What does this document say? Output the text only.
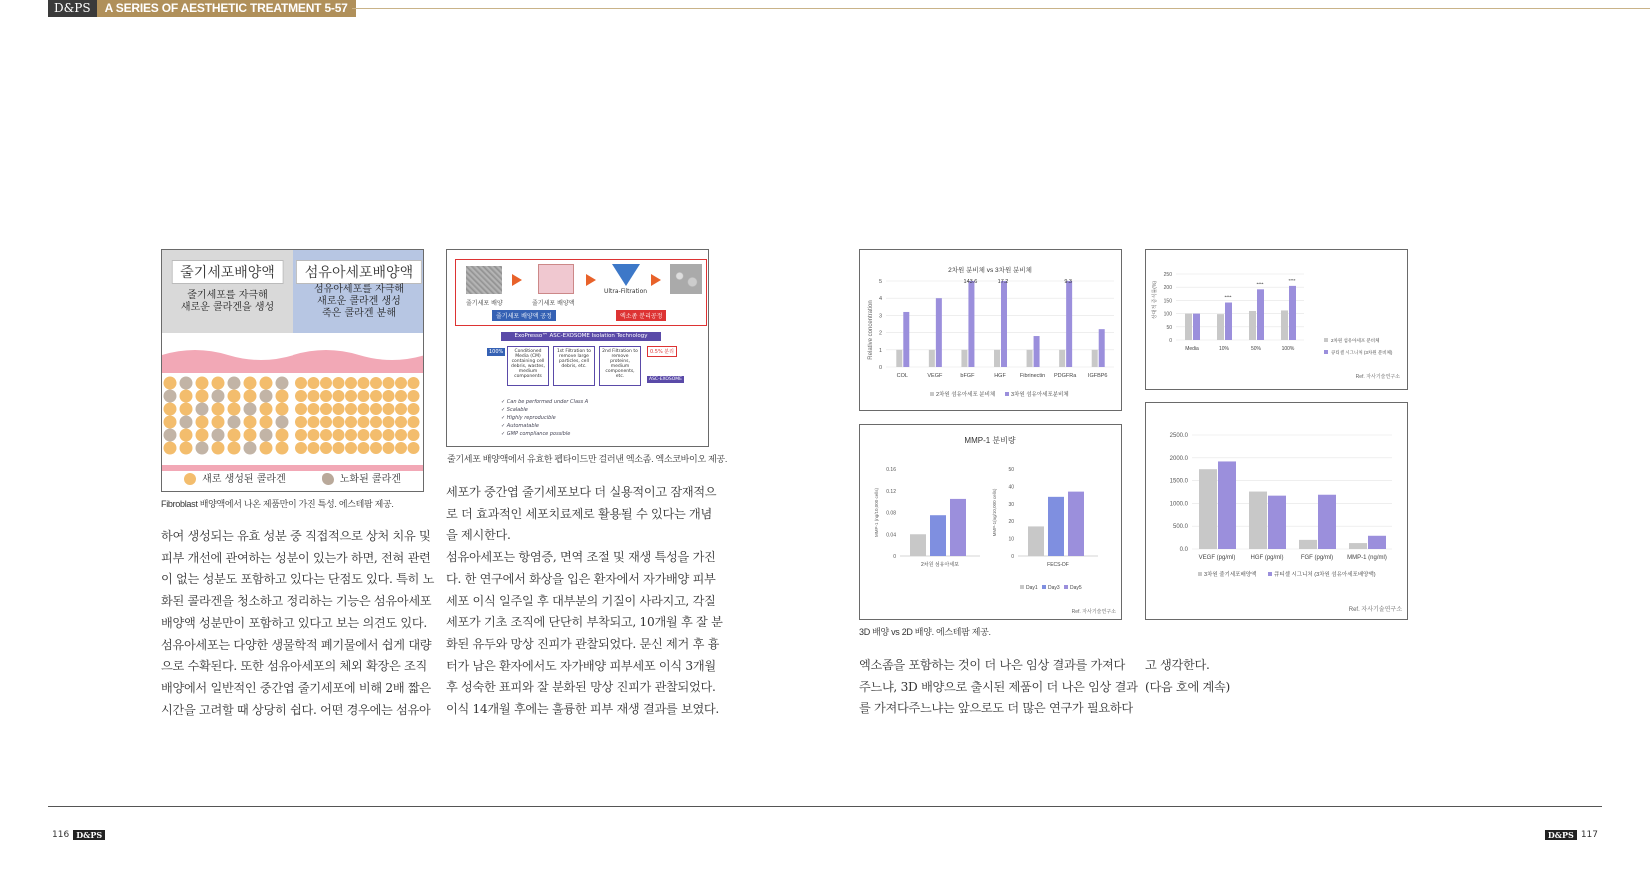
D&PS	A SERIES OF AESTHETIC TREATMENT 5-57
줄기세포배양액
줄기세포를 자극해
새로운 콜라겐을 생성
섬유아세포배양액
섬유아세포를 자극해
새로운 콜라겐 생성
죽은 콜라겐 분해
새로 생성된 콜라겐	노화된 콜라겐
Fibroblast 배양액에서 나온 제품만이 가진 특성. 에스테팜 제공.
줄기세포 배양	줄기세포 배양액
Ultra-Filtration
줄기세포 배양액 공정	엑소좀 분리공정
ExoPresso™ ASC-EXOSOME Isolation Technology
100%	Conditioned Media (CM) containing cell debris, wastes, medium components
1st Filtration to remove large particles, cell debris, etc.
2nd Filtration to remove proteins, medium components, etc.
0.5% 분리
ASC-EXOSOME
✓ Can be performed under Class A
✓ Scalable
✓ Highly reproducible
✓ Automatable
✓ GMP compliance possible
줄기세포 배양액에서 유효한 펩타이드만 걸러낸 엑소좀. 엑소코바이오 제공.

하여 생성되는 유효 성분 중 직접적으로 상처 치유 및

피부 개선에 관여하는 성분이 있는가 하면, 전혀 관련

이 없는 성분도 포함하고 있다는 단점도 있다. 특히 노

화된 콜라겐을 청소하고 정리하는 기능은 섬유아세포

배양액 성분만이 포함하고 있다고 보는 의견도 있다.

섬유아세포는 다양한 생물학적 폐기물에서 쉽게 대량

으로 수확된다. 또한 섬유아세포의 체외 확장은 조직

배양에서 일반적인 중간엽 줄기세포에 비해 2배 짧은

시간을 고려할 때 상당히 쉽다. 어떤 경우에는 섬유아

세포가 중간엽 줄기세포보다 더 실용적이고 잠재적으

로 더 효과적인 세포치료제로 활용될 수 있다는 개념

을 제시한다.

섬유아세포는 항염증, 면역 조절 및 재생 특성을 가진

다. 한 연구에서 화상을 입은 환자에서 자가배양 피부

세포 이식 일주일 후 대부분의 기질이 사라지고, 각질

세포가 기초 조직에 단단히 부착되고, 10개월 후 잘 분

화된 유두와 망상 진피가 관찰되었다. 문신 제거 후 흉

터가 남은 환자에서도 자가배양 피부세포 이식 3개월

후 성숙한 표피와 잘 분화된 망상 진피가 관찰되었다.

이식 14개월 후에는 훌륭한 피부 재생 결과를 보였다.

엑소좀을 포함하는 것이 더 나은 임상 결과를 가져다

주느냐, 3D 배양으로 출시된 제품이 더 나은 임상 결과

를 가져다주느냐는 앞으로도 더 많은 연구가 필요하다

고 생각한다.

(다음 호에 계속)

2차원 분비체 vs 3차원 분비체
Relative concentration
0
1
2
3
4
5
COL	VEGF	bFGF	HGF	Fibrinectin PDGFRa IGFBP6
143.6	17.2	9.3
2차원 섬유아세포 분비체	3차원 섬유아세포분비체
상대적 증식률(%)
0
50
100
150
200
250
Media	10%	50%	100%
****
****
****
2차원 섬유아세포 분비체
큐티셀 시그니처 (3차원 분비체)
Ref. 자사기술연구소
MMP-1 분비량
0
0.04
0.08
0.12
0.16
MMP-1 (ng/10,000 cells)
2차원 섬유아세포
0
10
20
30
40
50
MMP-1(ng/10,000 cells)
FECS-DF
Day1 Day3 Day5
Ref. 자사기술연구소
0.0
500.0
1000.0
1500.0
2000.0
2500.0
VEGF (pg/ml)	HGF (pg/ml)	FGF (pg/ml) MMP-1 (ng/ml)
3차원 줄기세포배양액	큐티셀 시그니처 (3차원 섬유아세포배양액)
Ref. 자사기술연구소
3D 배양 vs 2D 배양. 에스테팜 제공.
116 D&PS	D&PS 117
